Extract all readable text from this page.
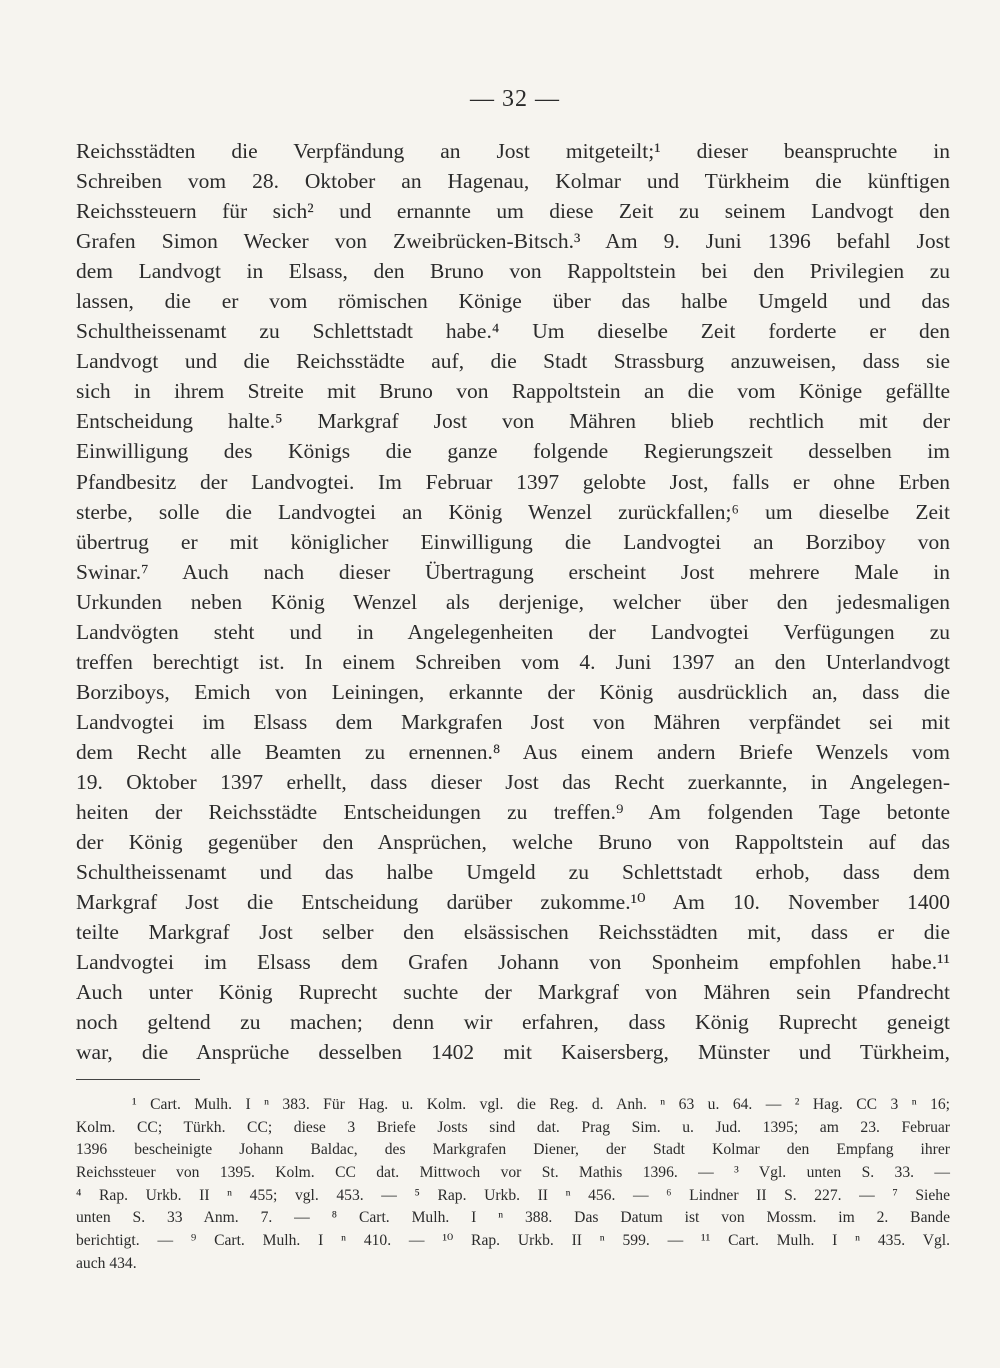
— 32 —
Reichsstädten die Verpfändung an Jost mitgeteilt;¹ dieser beanspruchte in
Schreiben vom 28. Oktober an Hagenau, Kolmar und Türkheim die künftigen
Reichssteuern für sich² und ernannte um diese Zeit zu seinem Landvogt den
Grafen Simon Wecker von Zweibrücken-Bitsch.³ Am 9. Juni 1396 befahl Jost
dem Landvogt in Elsass, den Bruno von Rappoltstein bei den Privilegien zu
lassen, die er vom römischen Könige über das halbe Umgeld und das
Schultheissenamt zu Schlettstadt habe.⁴ Um dieselbe Zeit forderte er den
Landvogt und die Reichsstädte auf, die Stadt Strassburg anzuweisen, dass sie
sich in ihrem Streite mit Bruno von Rappoltstein an die vom Könige gefällte
Entscheidung halte.⁵ Markgraf Jost von Mähren blieb rechtlich mit der
Einwilligung des Königs die ganze folgende Regierungszeit desselben im
Pfandbesitz der Landvogtei. Im Februar 1397 gelobte Jost, falls er ohne Erben
sterbe, solle die Landvogtei an König Wenzel zurückfallen;⁶ um dieselbe Zeit
übertrug er mit königlicher Einwilligung die Landvogtei an Borziboy von
Swinar.⁷ Auch nach dieser Übertragung erscheint Jost mehrere Male in
Urkunden neben König Wenzel als derjenige, welcher über den jedesmaligen
Landvögten steht und in Angelegenheiten der Landvogtei Verfügungen zu
treffen berechtigt ist. In einem Schreiben vom 4. Juni 1397 an den Unterlandvogt
Borziboys, Emich von Leiningen, erkannte der König ausdrücklich an, dass die
Landvogtei im Elsass dem Markgrafen Jost von Mähren verpfändet sei mit
dem Recht alle Beamten zu ernennen.⁸ Aus einem andern Briefe Wenzels vom
19. Oktober 1397 erhellt, dass dieser Jost das Recht zuerkannte, in Angelegen-
heiten der Reichsstädte Entscheidungen zu treffen.⁹ Am folgenden Tage betonte
der König gegenüber den Ansprüchen, welche Bruno von Rappoltstein auf das
Schultheissenamt und das halbe Umgeld zu Schlettstadt erhob, dass dem
Markgraf Jost die Entscheidung darüber zukomme.¹⁰ Am 10. November 1400
teilte Markgraf Jost selber den elsässischen Reichsstädten mit, dass er die
Landvogtei im Elsass dem Grafen Johann von Sponheim empfohlen habe.¹¹
Auch unter König Ruprecht suchte der Markgraf von Mähren sein Pfandrecht
noch geltend zu machen; denn wir erfahren, dass König Ruprecht geneigt
war, die Ansprüche desselben 1402 mit Kaisersberg, Münster und Türkheim,
¹ Cart. Mulh. I ⁿ 383. Für Hag. u. Kolm. vgl. die Reg. d. Anh. ⁿ 63 u. 64. — ² Hag. CC 3 ⁿ 16;
Kolm. CC; Türkh. CC; diese 3 Briefe Josts sind dat. Prag Sim. u. Jud. 1395; am 23. Februar
1396 bescheinigte Johann Baldac, des Markgrafen Diener, der Stadt Kolmar den Empfang ihrer
Reichssteuer von 1395. Kolm. CC dat. Mittwoch vor St. Mathis 1396. — ³ Vgl. unten S. 33. —
⁴ Rap. Urkb. II ⁿ 455; vgl. 453. — ⁵ Rap. Urkb. II ⁿ 456. — ⁶ Lindner II S. 227. — ⁷ Siehe
unten S. 33 Anm. 7. — ⁸ Cart. Mulh. I ⁿ 388. Das Datum ist von Mossm. im 2. Bande
berichtigt. — ⁹ Cart. Mulh. I ⁿ 410. — ¹⁰ Rap. Urkb. II ⁿ 599. — ¹¹ Cart. Mulh. I ⁿ 435. Vgl.
auch 434.
